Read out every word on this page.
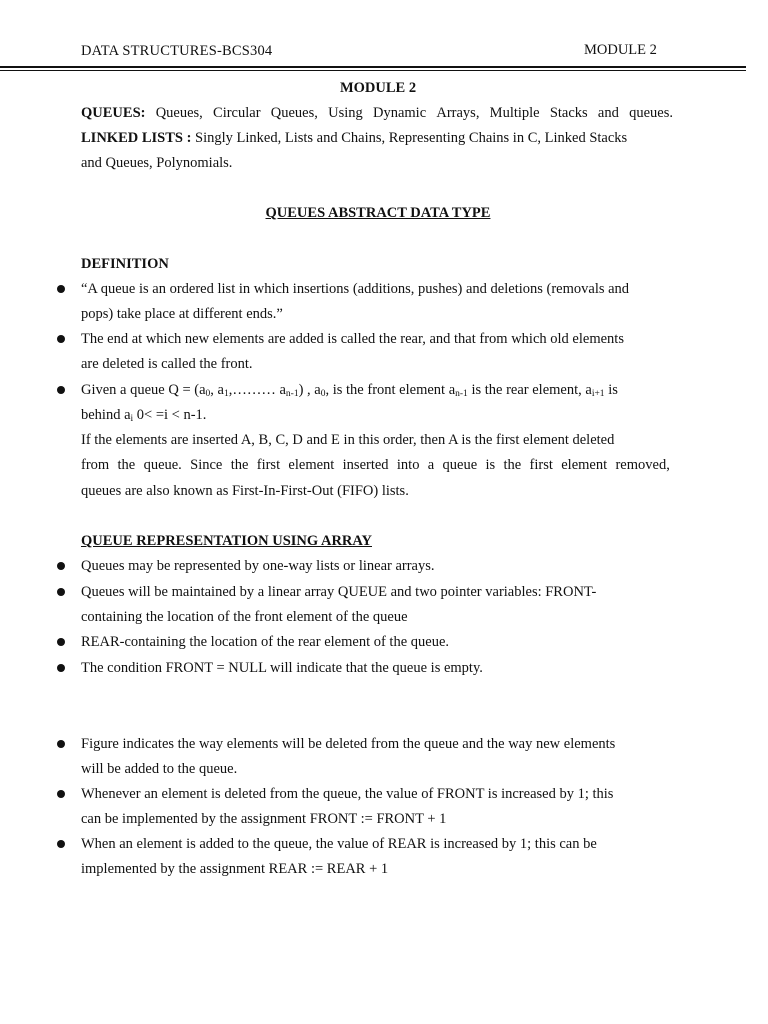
DATA STRUCTURES-BCS304	MODULE 2
MODULE 2
QUEUES: Queues, Circular Queues, Using Dynamic Arrays, Multiple Stacks and queues.
LINKED LISTS : Singly Linked, Lists and Chains, Representing Chains in C, Linked Stacks
and Queues, Polynomials.
QUEUES ABSTRACT DATA TYPE
DEFINITION
“A queue is an ordered list in which insertions (additions, pushes) and deletions (removals and
pops) take place at different ends.”
The end at which new elements are added is called the rear, and that from which old elements
are deleted is called the front.
Given a queue $Q = (a_0$, $a_1,\dots\dots\dots$ $a_{n-1}$) , $a_0$, is the front element $a_{n-1}$ is the rear element, $a_{i+1}$ is
behind $a_i$ 0< =i < n-1.
If the elements are inserted A, B, C, D and E in this order, then A is the first element deleted
from the queue. Since the first element inserted into a queue is the first element removed,
queues are also known as First-In-First-Out (FIFO) lists.
QUEUE REPRESENTATION USING ARRAY
Queues may be represented by one-way lists or linear arrays.
Queues will be maintained by a linear array QUEUE and two pointer variables: FRONT-
containing the location of the front element of the queue
REAR-containing the location of the rear element of the queue.
The condition FRONT = NULL will indicate that the queue is empty.
Figure indicates the way elements will be deleted from the queue and the way new elements
will be added to the queue.
Whenever an element is deleted from the queue, the value of FRONT is increased by 1; this
can be implemented by the assignment FRONT := FRONT + 1
When an element is added to the queue, the value of REAR is increased by 1; this can be
implemented by the assignment REAR := REAR + 1
